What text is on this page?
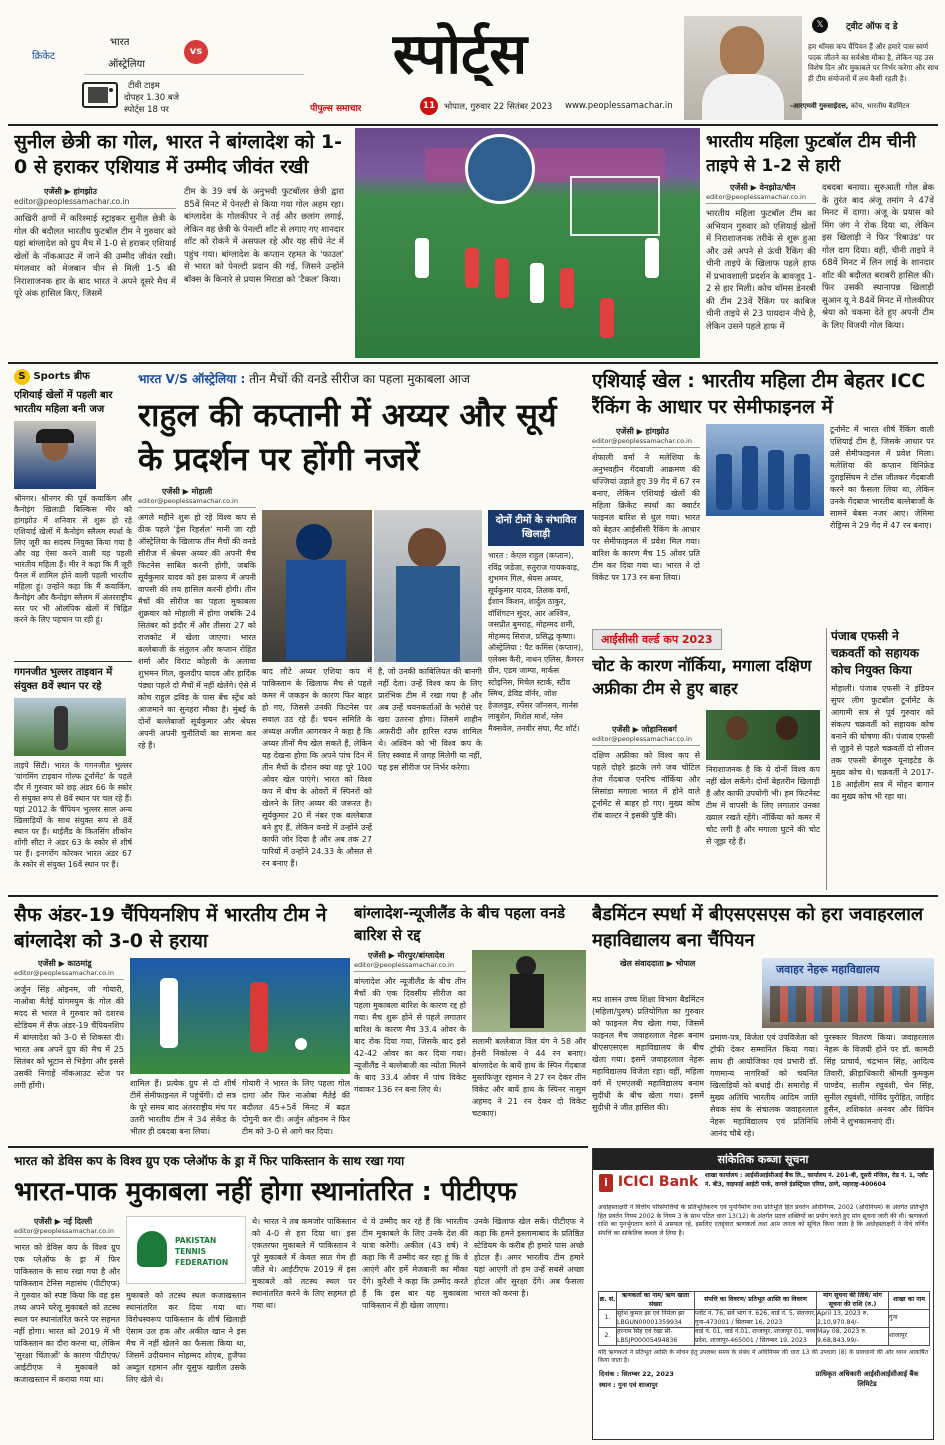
क्रिकेट
भारत
ऑस्ट्रेलिया
vs
टीवी टाइम
दोपहर 1.30 बजे
स्पोर्ट्स 18 पर
स्पोर्ट्स
पीपुल्स समाचार	11	भोपाल, गुरुवार 22 सितंबर 2023 www.peoplessamachar.in
𝕏	ट्वीट ऑफ द डे
हम थॉमस कप चैंपियन हैं और हमारे पास स्वर्ण पदक जीतने का सर्वश्रेष्ठ मौका है, लेकिन यह उस विशेष दिन और मुकाबले पर निर्भर करेगा और साथ ही टीम संयोजनों में लय कैसी रहती है।
-आरएमवी गुरुसाईदत्त, कोच, भारतीय बैडमिंटन
सुनील छेत्री का गोल, भारत ने बांग्लादेश को 1-0 से हराकर एशियाड में उम्मीद जीवंत रखी
एजेंसी ▶ हांगझोउ
editor@peoplessamachar.co.in
आखिरी क्षणों में करिश्माई स्ट्राइकर सुनील छेत्री के गोल की बदौलत भारतीय फुटबॉल टीम ने गुरुवार को यहां बांग्लादेश को ग्रुप मैच में 1-0 से हराकर एशियाई खेलों के नॉकआउट में जाने की उम्मीद जीवंत रखी। मंगलवार को मेजबान चीन से मिली 1-5 की निराशाजनक हार के बाद भारत ने अपने दूसरे मैच में पूरे अंक हासिल किए, जिसमें
टीम के 39 वर्ष के अनुभवी फुटबॉलर छेत्री द्वारा 85वें मिनट में पेनल्टी से किया गया गोल अहम रहा। बांग्लादेश के गोलकीपर ने तई और छलांग लगाई, लेकिन वह छेत्री के पेनल्टी शॉट से लगाए गए शानदार शॉट को रोकने में असफल रहे और यह सीधे नेट में पहुंच गया। बांग्लादेश के कप्तान रहमत के 'फाउल' से भारत को पेनल्टी प्रदान की गई, जिसने उन्होंने बॉक्स के किनारे से प्रयास मिराडा को 'टैकल' किया।
भारतीय महिला फुटबॉल टीम चीनी ताइपे से 1-2 से हारी
एजेंसी ▶ वेनझोउ/चीन
editor@peoplessamachar.co.in
भारतीय महिला फुटबॉल टीम का अभियान गुरुवार को एशियाई खेलों में निराशाजनक तरीके से शुरू हुआ और उसे अपने से ऊंची रैंकिंग की चीनी ताइपे के खिलाफ पहले हाफ में प्रभावशाली प्रदर्शन के बावजूद 1-2 से हार मिली। कोच थॉमस डेनरबी की टीम 23वें रैंकिंग पर काबिज चीनी ताइपे से 23 पायदान नीचे है, लेकिन उसने पहले हाफ में
दबदबा बनाया। सुरुआती गोल ब्रेक के तुरंत बाद अंजू तमांग ने 47वें मिनट में दागा। अंजू के प्रयास को मिंग जंग ने रोक दिया था, लेकिन इस खिलाड़ी ने फिर 'रिबाउंड' पर गोल दाग दिया। वहीं, चीनी ताइपे ने 68वें मिनट में लिन लाई के शानदार शॉट की बदौलत बराबरी हासिल की। फिर उसकी स्थानापन्न खिलाड़ी सुआन यू ने 84वें मिनट में गोलकीपर श्रेया को चकमा देते हुए अपनी टीम के लिए विजयी गोल किया।
S Sports ब्रीफ
एशियाई खेलों में पहली बार भारतीय महिला बनी जज
श्रीनगर। श्रीनगर की पूर्व कयाकिंग और कैनोइंग खिलाड़ी बिल्किस मीर को हांगझोउ में शनिवार से शुरू हो रहे एशियाई खेलों में कैनोइंग स्लैलम स्पर्धा के लिए जूरी का सदस्य नियुक्त किया गया है और वह ऐसा करने वाली यह पहली भारतीय महिला हैं। मीर ने कहा कि मैं जूरी पैनल में शामिल होने वाली पहली भारतीय महिला हूं। उन्होंने कहा कि मैं कयाकिंग, कैनोइंग और कैनोइंग स्लैलम में अंतरराष्ट्रीय स्तर पर भी ओलंपिक खेलों में चिह्नित करने के लिए पहचान पा रही हूं।
गगनजीत भुल्लर ताइवान में संयुक्त 8वें स्थान पर रहे
ताइपे सिटी। भारत के गगनजीत भुल्लर 'यांगमिंग टाइवान गोल्फ टूर्नामेंट' के पहले दौर में गुरुवार को छह अंडर 66 के स्कोर से संयुक्त रूप से 8वें स्थान पर चल रहे हैं। यहां 2012 के चैंपियन भुल्लर साल अन्य खिलाड़ियों के साथ संयुक्त रूप से 8वें स्थान पर हैं। थाईलैंड के कितसिंग शीकोन शोंगी सीटा ने अंडर 63 के स्कोर से शीर्ष पर हैं। इनगरोंग कोरकर भारत अंडर 67 के स्कोर से संयुक्त 16वें स्थान पर हैं।
भारत V/S ऑस्ट्रेलिया : तीन मैचों की वनडे सीरीज का पहला मुकाबला आज
राहुल की कप्तानी में अय्यर और सूर्य के प्रदर्शन पर होंगी नजरें
एजेंसी ▶ मोहाली
editor@peoplessamachar.co.in
अगले महीने शुरू हो रहे विश्व कप से ठीक पहले 'ड्रेस रिहर्सल' मानी जा रही ऑस्ट्रेलिया के खिलाफ तीन मैचों की वनडे सीरीज में श्रेयस अय्यर की अपनी मैच फिटनेस साबित करनी होगी, जबकि सूर्यकुमार यादव को इस प्रारूप में अपनी वापसी की लय हासिल करनी होगी। तीन मैचों की सीरीज का पहला मुकाबला शुक्रवार को मोहाली में होगा जबकि 24 सितंबर को इंदौर में और तीसरा 27 को राजकोट में खेला जाएगा। भारत बल्लेबाजी के संतुलन और कप्तान रोहित शर्मा और विराट कोहली के अलावा शुभमन गिल, कुलदीप यादव और हार्दिक पंड्या पहले दो मैचों में नहीं खेलेंगे। ऐसे में कोच राहुल द्रविड़ के पास बेंच स्ट्रेंथ को आजमाने का सुनहरा मौका है। मुंबई के दोनों बल्लेबाजों सूर्यकुमार और श्रेयस अपनी अपनी चुनौतियों का सामना कर रहे हैं।
बाद लौटे अय्यर एशिया कप में पाकिस्तान के खिलाफ मैच से पहले कमर में जकड़न के कारण फिर बाहर हो गए, जिससे उनकी फिटनेस पर सवाल उठ रहे हैं। चयन समिति के अध्यक्ष अजीत आगरकर ने कहा है कि अय्यर तीनों मैच खेल सकते हैं, लेकिन यह देखना होगा कि अपने पांच दिन में तीन मैचों के दौरान क्या वह पूरे 100 ओवर खेल पाएंगे। भारत को विश्व कप में बीच के ओवरों में स्पिनरों को खेलने के लिए अय्यर की जरूरत है। सूर्यकुमार 20 में नंबर एक बल्लेबाज बने हुए हैं, लेकिन वनडे में उन्होंने उन्हें काफी जोर दिया है और अब तक 27 पारियों में उन्होंने 24.33 के औसत से रन बनाए हैं।
है, जो उनकी काबिलियत की बानगी नहीं देता। उन्हें विश्व कप के लिए प्रारंभिक टीम में रखा गया है और अब उन्हें चयनकर्ताओं के भरोसे पर खरा उतरना होगा। जिसमें शाहीन अफरीदी और हारिस रउफ शामिल थे। अश्विन को भी विश्व कप के लिए स्क्वाड में जगह मिलेगी या नहीं, यह इस सीरीज पर निर्भर करेगा।
दोनों टीमों के संभावित खिलाड़ी
भारत : केएल राहुल (कप्तान), रविंद्र जडेजा, रुतुराज गायकवाड़, शुभमन गिल, श्रेयस अय्यर, सूर्यकुमार यादव, तिलक वर्मा, ईशान किशन, शार्दुल ठाकुर, वॉशिंगटन सुंदर, आर अश्विन, जसप्रीत बुमराह, मोहम्मद शमी, मोहम्मद सिराज, प्रसिद्ध कृष्णा। ऑस्ट्रेलिया : पैट कमिंस (कप्तान), एलेक्स कैरी, नाथन एलिस, कैमरन ग्रीन, एडम जाम्पा, मार्कस स्टोइनिस, मिचेल स्टार्क, स्टीव स्मिथ, डेविड वॉर्नर, जोश हेजलवुड, स्पेंसर जॉनसन, मार्नस लाबुशेन, मिशेल मार्श, ग्लेन मैक्सवेल, तनवीर संघा, मैट शॉर्ट।
एशियाई खेल : भारतीय महिला टीम बेहतर ICC रैंकिंग के आधार पर सेमीफाइनल में
एजेंसी ▶ हांगझोउ
editor@peoplessamachar.co.in
शेफाली वर्मा ने मलेशिया के अनुभवहीन गेंदबाजी आक्रमण की धज्जियां उड़ाते हुए 39 गेंद में 67 रन बनाए, लेकिन एशियाई खेलों की महिला क्रिकेट स्पर्धा का क्वार्टर फाइनल बारिश से धुल गया। भारत को बेहतर आईसीसी रैंकिंग के आधार पर सेमीफाइनल में प्रवेश मिल गया। बारिश के कारण मैच 15 ओवर प्रति टीम कर दिया गया था। भारत ने दो विकेट पर 173 रन बना लिया।
टूर्नामेंट में भारत शीर्ष रैंकिंग वाली एशियाई टीम है, जिसके आधार पर उसे सेमीफाइनल में प्रवेश मिला। मलेशिया की कप्तान विनिफ्रेड दुराइसिंघम ने टॉस जीतकर गेंदबाजी करने का फैसला लिया था, लेकिन उनके गेंदबाज भारतीय बल्लेबाजों के सामने बेबस नजर आए। जेमिमा रोड्रिग्स ने 29 गेंद में 47 रन बनाए।
आईसीसी वर्ल्ड कप 2023
चोट के कारण नॉर्किया, मगाला दक्षिण अफ्रीका टीम से हुए बाहर
एजेंसी ▶ जोहानिसबर्ग
editor@peoplessamachar.co.in
दक्षिण अफ्रीका को विश्व कप से पहले दोहरे झटके लगे जब चोटिल तेज गेंदबाज एनरिच नॉर्किया और सिसांडा मगाला भारत में होने वाले टूर्नामेंट से बाहर हो गए। मुख्य कोच रॉब वाल्टर ने इसकी पुष्टि की।
निराशाजनक है कि ये दोनों विश्व कप नहीं खेल सकेंगे। दोनों बेहतरीन खिलाड़ी हैं और काफी उपयोगी भी। हम फिटनेस्ट टीम में वापसी के लिए लगातार उनका ख्याल रखते रहेंगे। नॉर्किया को कमर में चोट लगी है और मगाला घुटने की चोट से जूझ रहे हैं।
पंजाब एफसी ने चक्रवर्ती को सहायक कोच नियुक्त किया
मोहाली। पंजाब एफसी ने इंडियन सुपर लीग फुटबॉल टूर्नामेंट के आगामी सत्र से पूर्व गुरुवार को संकल्प चक्रवर्ती को सहायक कोच बनाने की घोषणा की। पंजाब एफसी से जुड़ने से पहले चक्रवर्ती दो सीजन तक एफसी बेंगलुरु यूनाइटेड के मुख्य कोच थे। चक्रवर्ती ने 2017-18 आईलीग सत्र में मोहन बागान का मुख्य कोच भी रहा था।
सैफ अंडर-19 चैंपियनशिप में भारतीय टीम ने बांग्लादेश को 3-0 से हराया
एजेंसी ▶ काठमांडू
editor@peoplessamachar.co.in
अर्जुन सिंह ओइनम, जी गोयारी, नाओबा मैतेई यांगमयुम के गोल की मदद से भारत ने गुरुवार को दशरथ स्टेडियम में सैफ अंडर-19 चैंपियनशिप में बांग्लादेश को 3-0 से शिकस्त दी। भारत अब अपने ग्रुप की मैच में 25 सितंबर को भूटान से भिड़ेगा और इससे उसकी निगाहें नॉकआउट स्टेज पर लगी होंगी।	शामिल हैं। प्रत्येक ग्रुप से दो शीर्ष टीमें सेमीफाइनल में पहुंचेंगी। दो सत्र के पूरे समय बाद अंतरराष्ट्रीय मंच पर उतरी भारतीय टीम ने 34 सेकेंड के भीतर ही दबदबा बना लिया।
गोयारी ने भारत के लिए पहला गोल दागा और फिर नाओबा मैतेई की बदौलत 45+5वें मिनट में बढ़त दोगुनी कर दी। अर्जुन ओइनम ने फिर टीम को 3-0 से आगे कर दिया।
बांग्लादेश-न्यूजीलैंड के बीच पहला वनडे बारिश से रद्द
एजेंसी ▶ मीरपुर/बांग्लादेश
editor@peoplessamachar.co.in
बांग्लादेश और न्यूजीलैंड के बीच तीन मैचों की एक दिवसीय सीरीज का पहला मुकाबला बारिश के कारण रद्द हो गया। मैच शुरू होने से पहले लगातार बारिश के कारण मैच 33.4 ओवर के बाद रोक दिया गया, जिसके बाद इसे 42-42 ओवर का कर दिया गया। न्यूजीलैंड ने बल्लेबाजी का न्योता मिलने के बाद 33.4 ओवर में पांच विकेट गंवाकर 136 रन बना लिए थे।
सलामी बल्लेबाज विल यंग ने 58 और हेनरी निकोल्स ने 44 रन बनाए। बांग्लादेश के बायें हाथ के स्पिन गेंदबाज मुस्तफिजुर रहमान ने 27 रन देकर तीन विकेट और बायें हाथ के स्पिनर नासुम अहमद ने 21 रन देकर दो विकेट चटकाए।
बैडमिंटन स्पर्धा में बीएसएसएस को हरा जवाहरलाल महाविद्यालय बना चैंपियन
खेल संवाददाता ▶ भोपाल
मप्र शासन उच्च शिक्षा विभाग बैडमिंटन (महिला/पुरुष) प्रतियोगिता का गुरुवार को फाइनल मैच खेला गया, जिसमें फाइनल मैच जवाहरलाल नेहरू बनाम बीएसएसएस महाविद्यालय के बीच खेला गया। इसमें जवाहरलाल नेहरू महाविद्यालय विजेता रहा। वहीं, महिला वर्ग में एमएलबी महाविद्यालय बनाम सुदीधी के बीच खेला गया। इसमें सुदीधी ने जीत हासिल की।
जवाहर नेहरू महाविद्यालय
प्रमाण-पत्र, विजेता एवं उपविजेता को ट्रॉफी देकर सम्मानित किया गया। साथ ही आयोजिका एवं प्रभारी डॉ. गणमान्य नागरिकों को चयनित खिलाड़ियों को बधाई दी। समारोह में मुख्य अतिथि भारतीय आदिम जाति सेवक संघ के संचालक जवाहरलाल नेहरू महाविद्यालय एवं प्रतिनिधि आनंद चौबे रहे।
पुरस्कार वितरण किया। जवाहरलाल नेहरू के विजयी होने पर डॉ. कामदी सिंह प्राचार्य, चंद्रभान सिंह, आदित्य तिवारी, क्रीड़ाधिकारी श्रीमती कुमकुम पाण्डेय, सलीम रघुवंशी, चेन सिंह, सुनील रघुवंशी, गोविंद पुरोहित, जाहिद हुसैन, शशिकांत अनवर और विपिन लोनी ने शुभकामनाएं दीं।
भारत को डेविस कप के विश्व ग्रुप एक प्लेऑफ के ड्रा में फिर पाकिस्तान के साथ रखा गया
भारत-पाक मुकाबला नहीं होगा स्थानांतरित : पीटीएफ
एजेंसी ▶ नई दिल्ली
editor@peoplessamachar.co.in
भारत को डेविस कप के विश्व ग्रुप एक प्लेऑफ के ड्रा में फिर पाकिस्तान के साथ रखा गया है और पाकिस्तान टेनिस महासंघ (पीटीएफ) ने गुरुवार को स्पष्ट किया कि वह इस तथ्य अपने घरेलू मुकाबले को तटस्थ स्थल पर स्थानांतरित करने पर सहमत नहीं होगा। भारत को 2019 में भी पाकिस्तान का दौरा करना था, लेकिन 'सुरक्षा चिंताओं' के कारण पीटीएफ/आईटीएफ ने मुकाबले को कजाखस्तान में कराया गया था।
PAKISTAN TENNIS FEDERATION
मुकाबले को तटस्थ स्थल कजाखस्तान स्थानांतरित कर दिया गया था। विरोधस्वरूप पाकिस्तान के शीर्ष खिलाड़ी ऐसाम उल हक और अकील खान ने इस मैच में नहीं खेलने का फैसला किया था, जिसमें उदीयमान मोहम्मद शोएब, हुजैफा अब्दुल रहमान और यूसुफ खलील उसके लिए खेले थे।
थे। भारत ने तब कमजोर पाकिस्तान को 4-0 से हरा दिया था। इस एकतरफा मुकाबले में पाकिस्तान ने पूरे मुकाबले में केवल सात गेम ही जीते थे। आईटीएफ 2019 में इस मुकाबले को तटस्थ स्थल पर स्थानांतरित करने के लिए सहमत हो गया था।
थे ये उम्मीद कर रहे हैं कि भारतीय टीम मुकाबले के लिए उनके देश की यात्रा करेगी। अकील (43 वर्ष) ने कहा कि मैं उम्मीद कर रहा हूं कि वे आएंगे और हमें मेजबानी का मौका देंगे। कुरैशी ने कहा कि उम्मीद करते हैं कि इस बार यह मुकाबला पाकिस्तान में ही खेला जाएगा।
उनके खिलाफ खेल सकें। पीटीएफ ने कहा कि हमने इस्लामाबाद के प्रतिष्ठित स्टेडियम के करीब ही हमारे पास अच्छे होटल हैं। अगर भारतीय टीम हमारे यहां आएगी तो हम उन्हें सबसे अच्छा होटल और सुरक्षा देंगे। अब फैसला भारत को करना है।
सांकेतिक कब्जा सूचना
i ICICI Bank शाखा कार्यालय : आईसीआईसीआई बैंक लि., कार्यालय नं. 201-बी, दूसरी मंजिल, रोड नं. 1, प्लॉट नं. बी3, वाइफाई आईटी पार्क, वागले इंडस्ट्रियल एरिया, ठाणे, महाराष्ट्र-400604
अधोहस्ताक्षरी ने वित्तीय परिसंपत्तियों के प्रतिभूतिकरण एवं पुनर्निर्माण तथा प्रतिभूति हित प्रवर्तन अधिनियम, 2002 (अधिनियम) के अंतर्गत प्रतिभूति हित प्रवर्तन नियम 2002 के नियम 3 के साथ पठित धारा 13(12) के अंतर्गत प्रदत्त शक्तियों का प्रयोग करते हुए मांग सूचना जारी की थी। ऋणकर्ता राशि का पुनर्भुगतान करने में असफल रहे, इसलिए एतद्द्वारा ऋणकर्ता तथा आम जनता को सूचित किया जाता है कि अधोहस्ताक्षरी ने नीचे वर्णित संपत्ति का सांकेतिक कब्जा ले लिया है।
क्र. सं.	ऋणकर्ता का नाम/ ऋण खाता संख्या	संपत्ति का विवरण/ प्रतिभूत आस्ति का विवरण	मांग सूचना की तिथि/ मांग सूचना की राशि (रु.)	शाखा का नाम
1.	सुरेश कुमार झा एवं निर्मला झा LBGUN00001359934	प्लॉट नं. 76, सर्वे भाग नं. 626, वार्ड नं. 5, संतनगर, गुना-473001 / सितम्बर 16, 2023	April 13, 2023 रु. 2,10,970.84/-	गुना
2.	हरनाम सिंह एवं रेखा सी- LBSJP00005494836	वार्ड नं. 01, वार्ड नं.01, शाजापुर, शाजापुर 01, मध्य प्रदेश, शाजापुर-465001 / सितम्बर 19, 2023	May 08, 2023 रु. 9,68,843.99/-	शाजापुर
यदि ऋणकर्ता ने प्रतिभूत आस्ति के मोचन हेतु उपलब्ध समय के संबंध में अधिनियम की धारा 13 की उपधारा (8) के प्रावधानों की ओर ध्यान आकर्षित किया जाता है।
दिनांक : सितम्बर 22, 2023
स्थान : गुना एवं शाजापुर
प्राधिकृत अधिकारी आईसीआईसीआई बैंक लिमिटेड
